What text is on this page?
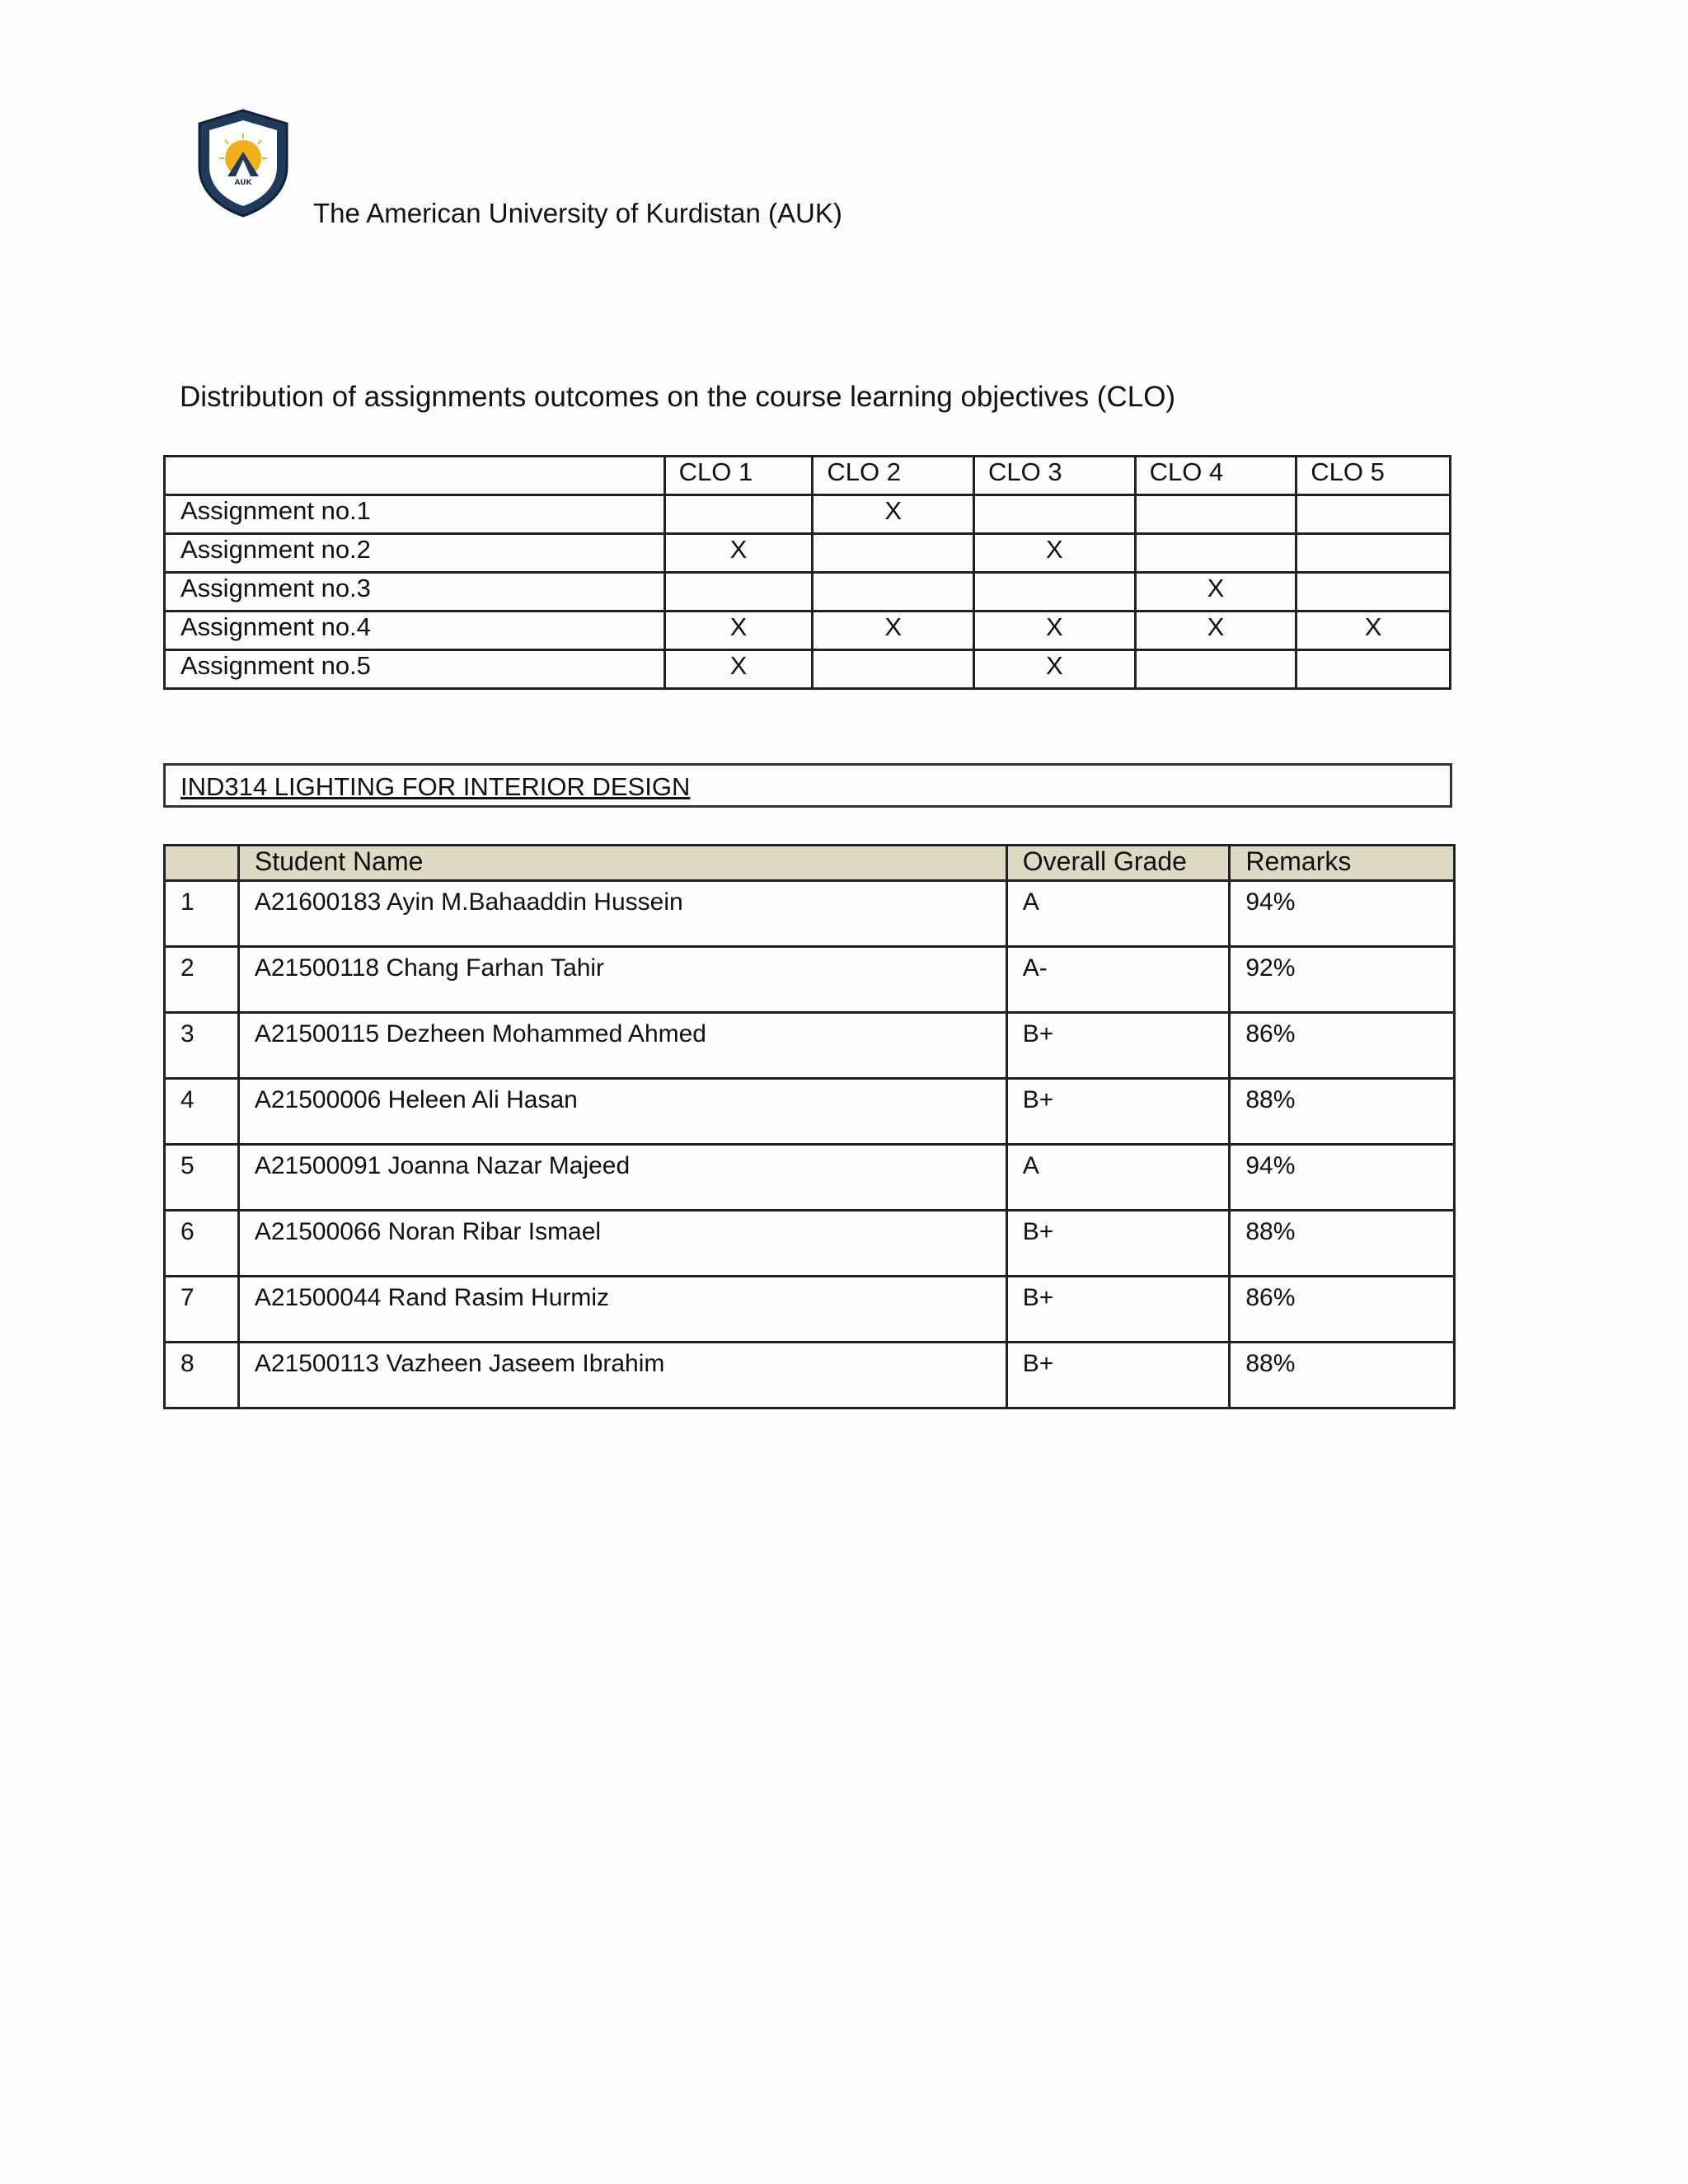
AUK
The American University of Kurdistan (AUK)
Distribution of assignments outcomes on the course learning objectives (CLO)
	CLO 1	CLO 2	CLO 3	CLO 4	CLO 5
Assignment no.1		X			
Assignment no.2	X		X		
Assignment no.3				X	
Assignment no.4	X	X	X	X	X
Assignment no.5	X		X		
IND314 LIGHTING FOR INTERIOR DESIGN
	Student Name	Overall Grade	Remarks
1	A21600183 Ayin M.Bahaaddin Hussein	A	94%
2	A21500118 Chang Farhan Tahir	A-	92%
3	A21500115 Dezheen Mohammed Ahmed	B+	86%
4	A21500006 Heleen Ali Hasan	B+	88%
5	A21500091 Joanna Nazar Majeed	A	94%
6	A21500066 Noran Ribar Ismael	B+	88%
7	A21500044 Rand Rasim Hurmiz	B+	86%
8	A21500113 Vazheen Jaseem Ibrahim	B+	88%
